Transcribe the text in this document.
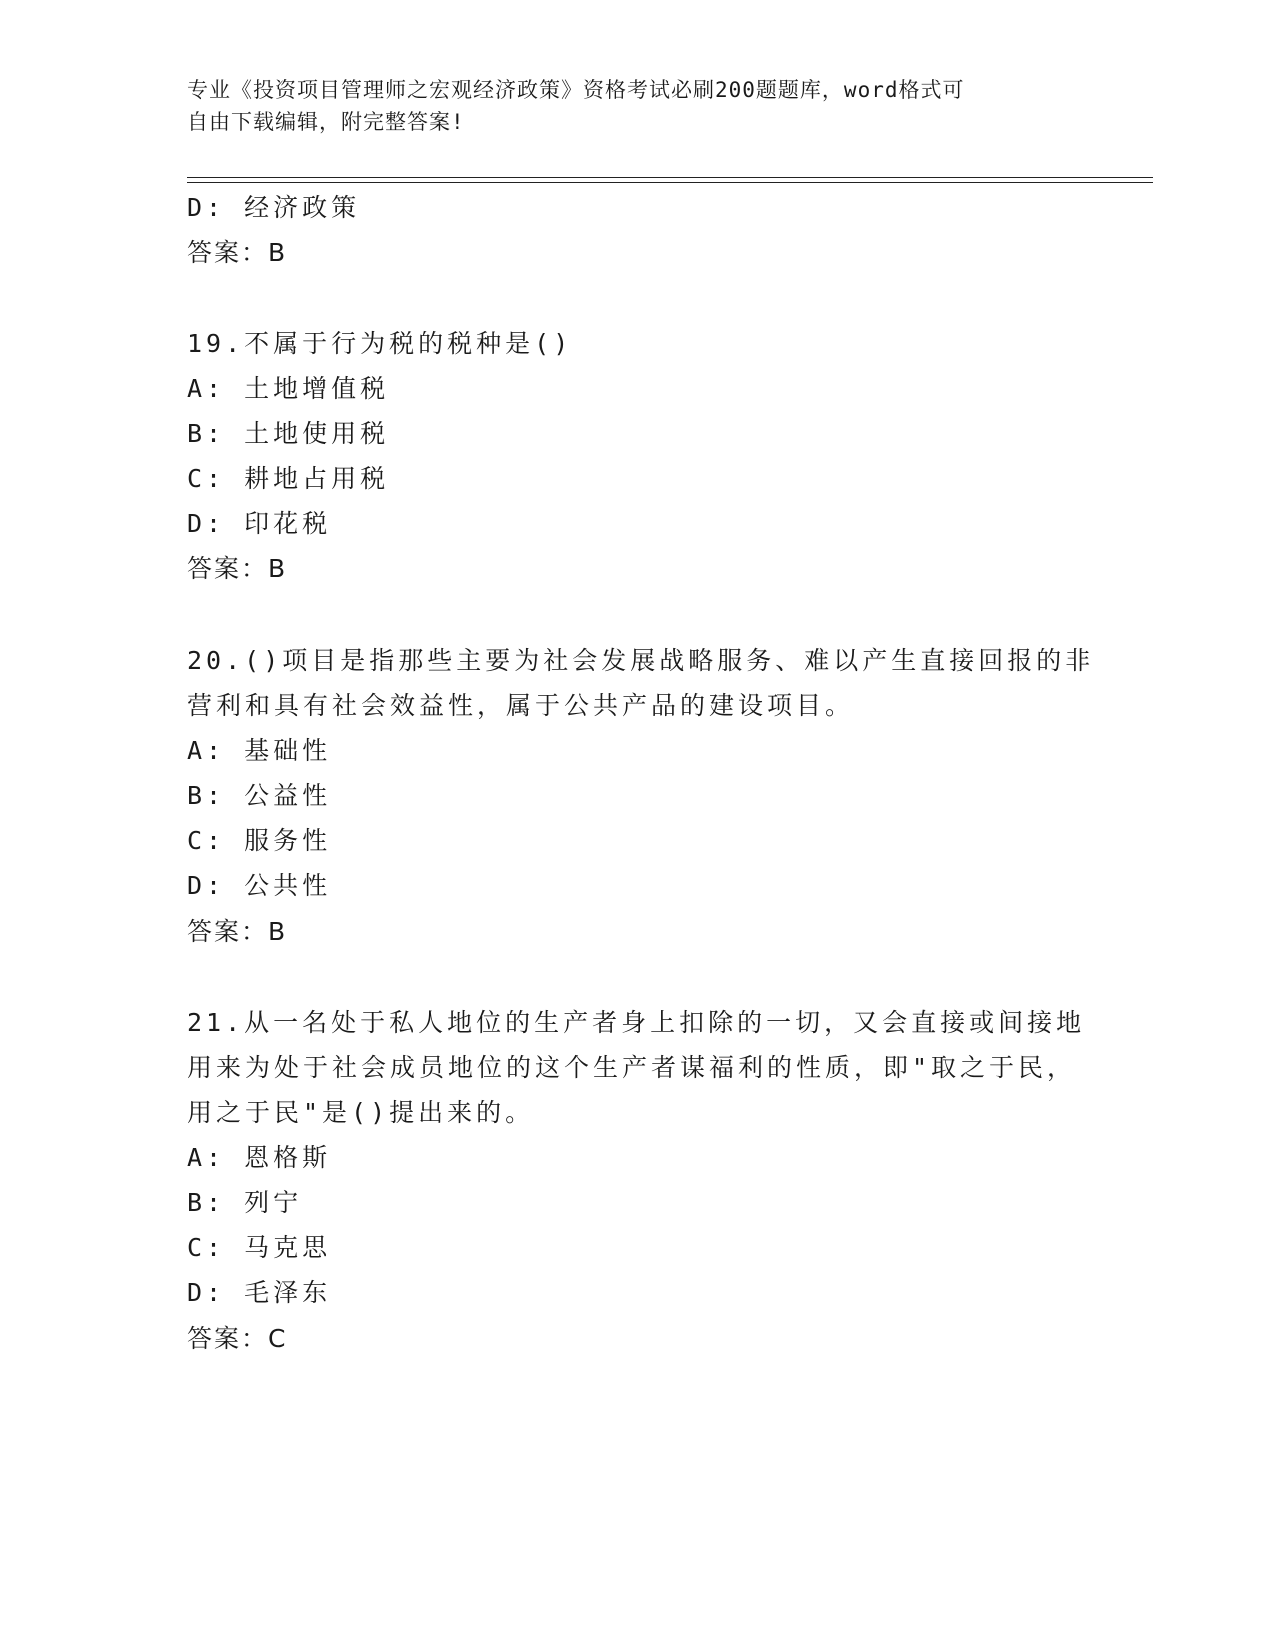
专业《投资项目管理师之宏观经济政策》资格考试必刷200题题库，word格式可
自由下载编辑，附完整答案!
D: 经济政策
答案：B
19.不属于行为税的税种是()
A: 土地增值税
B: 土地使用税
C: 耕地占用税
D: 印花税
答案：B
20.()项目是指那些主要为社会发展战略服务、难以产生直接回报的非
营利和具有社会效益性，属于公共产品的建设项目。
A: 基础性
B: 公益性
C: 服务性
D: 公共性
答案：B
21.从一名处于私人地位的生产者身上扣除的一切，又会直接或间接地
用来为处于社会成员地位的这个生产者谋福利的性质，即"取之于民，
用之于民"是()提出来的。
A: 恩格斯
B: 列宁
C: 马克思
D: 毛泽东
答案：C
